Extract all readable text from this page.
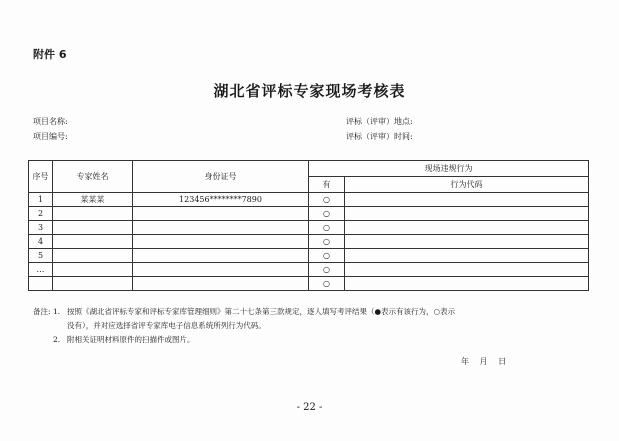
附件 6
湖北省评标专家现场考核表
项目名称:
项目编号:
评标（评审）地点:
评标（评审）时间:
序号	专家姓名	身份证号	现场违规行为	
			有	行为代码
1	某某某	123456********7890	○	
2			○	
3			○	
4			○	
5			○	
…			○	
			○	
备注: 1. 按照《湖北省评标专家和评标专家库管理细则》第二十七条第三款规定，逐人填写考评结果（●表示有该行为，○表示
没有），并对应选择省评专家库电子信息系统所列行为代码。
2. 附相关证明材料原件的扫描件或图片。
年 月 日
- 22 -
